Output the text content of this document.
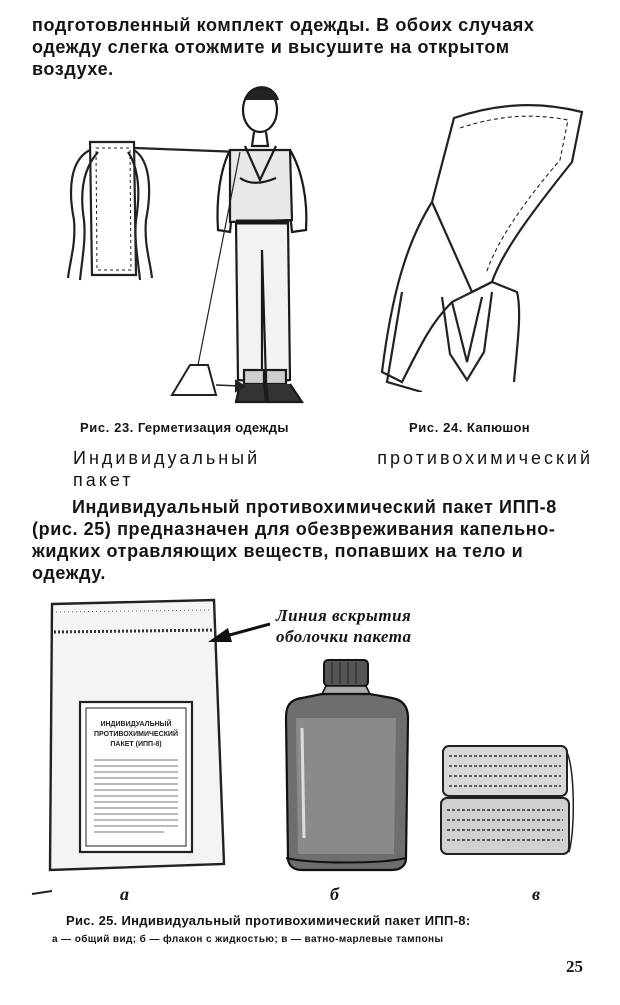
подготовленный комплект одежды. В обоих случаях
одежду слегка отожмите и высушите на открытом
воздухе.
Рис. 23. Герметизация одежды	Рис. 24. Капюшон
Индивидуальный	противохимический
пакет
Индивидуальный противохимический пакет ИПП-8
(рис. 25) предназначен для обезвреживания капельно-
жидких отравляющих веществ, попавших на тело и
одежду.
ИНДИВИДУАЛЬНЫЙ
ПРОТИВОХИМИЧЕСКИЙ
ПАКЕТ (ИПП-8)
Линия вскрытия
оболочки пакета
а	б	в
Рис. 25. Индивидуальный противохимический пакет ИПП-8:
а — общий вид; б — флакон с жидкостью; в — ватно-марлевые тампоны
25
